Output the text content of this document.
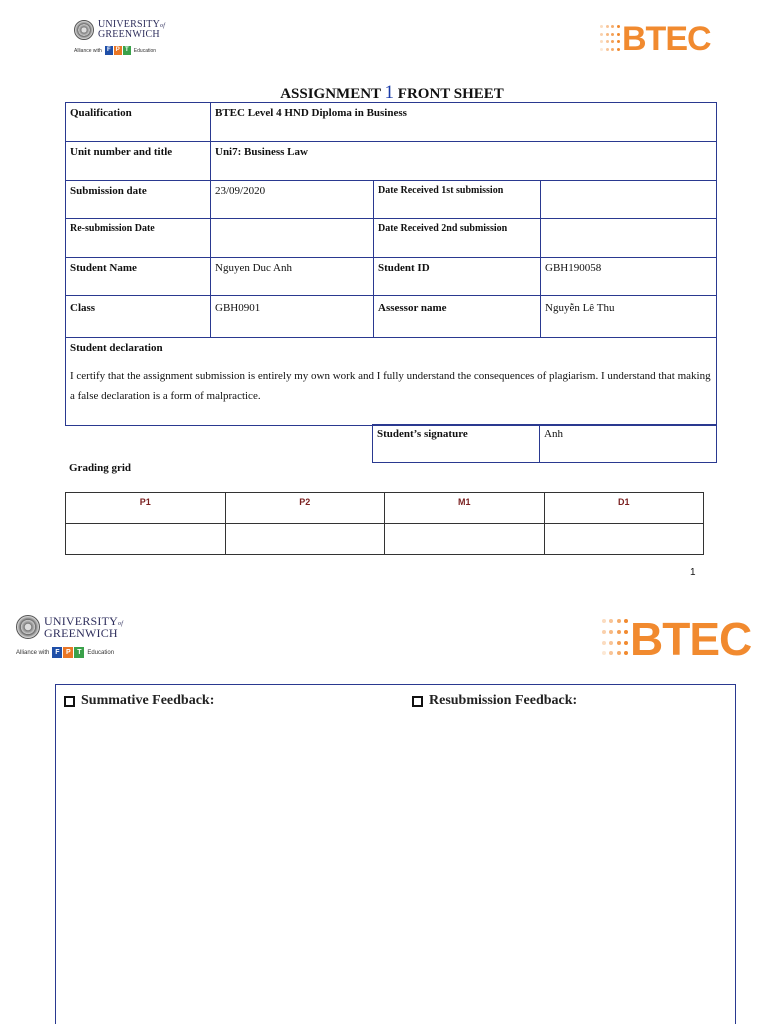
UNIVERSITYof
GREENWICH
Alliance with F P T	Education	BTEC
ASSIGNMENT 1 FRONT SHEET
Qualification	BTEC Level 4 HND Diploma in Business		
Unit number and title	Uni7: Business Law		
Submission date	23/09/2020	Date Received 1st submission	
Re-submission Date		Date Received 2nd submission	
Student Name	Nguyen Duc Anh	Student ID	GBH190058
Class	GBH0901	Assessor name	Nguyễn Lê Thu

Student declaration
I certify that the assignment submission is entirely my own work and I fully understand the consequences of plagiarism. I understand that making a false declaration is a form of malpractice.			
Student’s signature	Anh
Grading grid
P1	P2	M1	D1

1
UNIVERSITYof
GREENWICH
Alliance with F P T Education	BTEC
Summative Feedback:	Resubmission Feedback:
